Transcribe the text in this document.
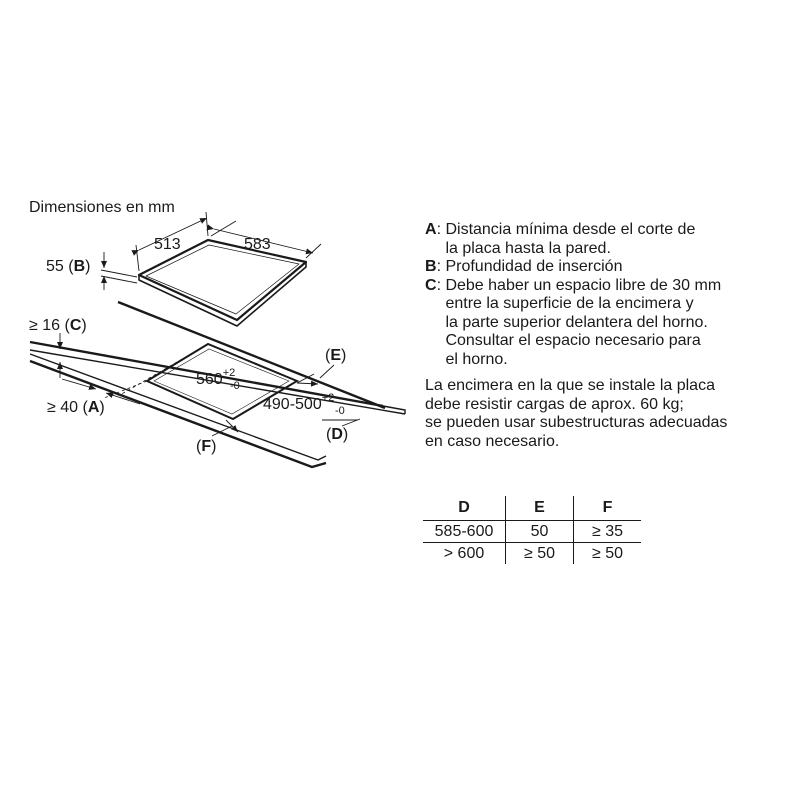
Dimensiones en mm
513	583
55 (B)
≥ 16 (C)
$560^{+2}$
-0
$490-500^{+2}$
-0
≥ 40 (A)
(E)
(D)
(F)
A : Distancia mínima desde el corte de
la placa hasta la pared.
B : Profundidad de inserción
C : Debe haber un espacio libre de 30 mm
entre la superficie de la encimera y
la parte superior delantera del horno.
Consultar el espacio necesario para
el horno.
La encimera en la que se instale la placa
debe resistir cargas de aprox. 60 kg;
se pueden usar subestructuras adecuadas
en caso necesario.
D	E	F
585-600	50	≥ 35
> 600	≥ 50	≥ 50
